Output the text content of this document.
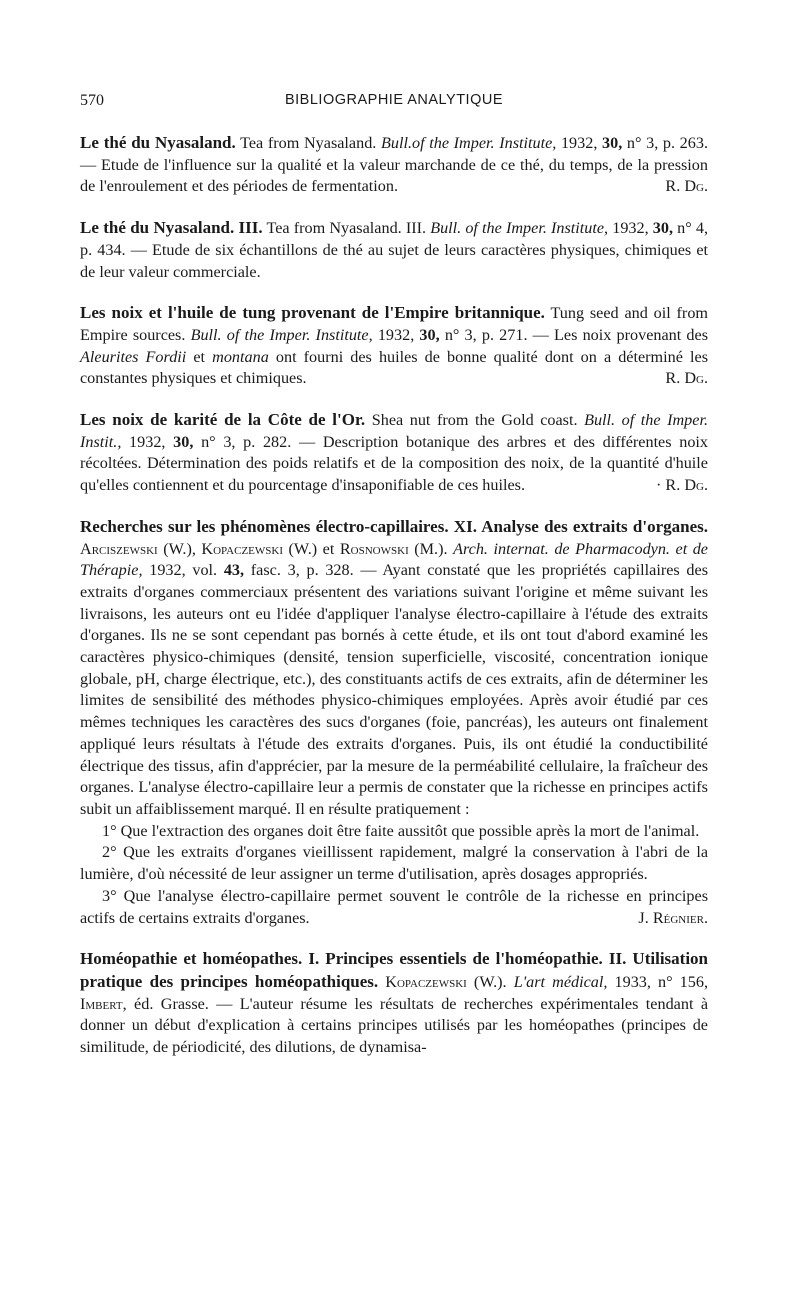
570	BIBLIOGRAPHIE ANALYTIQUE

Le thé du Nyasaland. Tea from Nyasaland. Bull.of the Imper. Institute, 1932, 30, n° 3, p. 263. — Etude de l'influence sur la qualité et la valeur marchande de ce thé, du temps, de la pression de l'enroulement et des périodes de fermentation.	R. Dg.

Le thé du Nyasaland. III. Tea from Nyasaland. III. Bull. of the Imper. Institute, 1932, 30, n° 4, p. 434. — Etude de six échantillons de thé au sujet de leurs caractères physiques, chimiques et de leur valeur commerciale.

Les noix et l'huile de tung provenant de l'Empire britannique. Tung seed and oil from Empire sources. Bull. of the Imper. Institute, 1932, 30, n° 3, p. 271. — Les noix provenant des Aleurites Fordii et montana ont fourni des huiles de bonne qualité dont on a déterminé les constantes physiques et chimiques.	R. Dg.

Les noix de karité de la Côte de l'Or. Shea nut from the Gold coast. Bull. of the Imper. Instit., 1932, 30, n° 3, p. 282. — Description botanique des arbres et des différentes noix récoltées. Détermination des poids relatifs et de la composition des noix, de la quantité d'huile qu'elles contiennent et du pourcentage d'insaponifiable de ces huiles.	· R. Dg.

Recherches sur les phénomènes électro-capillaires. XI. Analyse des extraits d'organes. Arciszewski (W.), Kopaczewski (W.) et Rosnowski (M.). Arch. internat. de Pharmacodyn. et de Thérapie, 1932, vol. 43, fasc. 3, p. 328. — Ayant constaté que les propriétés capillaires des extraits d'organes commerciaux présentent des variations suivant l'origine et même suivant les livraisons, les auteurs ont eu l'idée d'appliquer l'analyse électro-capillaire à l'étude des extraits d'organes. Ils ne se sont cependant pas bornés à cette étude, et ils ont tout d'abord examiné les caractères physico-chimiques (densité, tension superficielle, viscosité, concentration ionique globale, pH, charge électrique, etc.), des constituants actifs de ces extraits, afin de déterminer les limites de sensibilité des méthodes physico-chimiques employées. Après avoir étudié par ces mêmes techniques les caractères des sucs d'organes (foie, pancréas), les auteurs ont finalement appliqué leurs résultats à l'étude des extraits d'organes. Puis, ils ont étudié la conductibilité électrique des tissus, afin d'apprécier, par la mesure de la perméabilité cellulaire, la fraîcheur des organes. L'analyse électro-capillaire leur a permis de constater que la richesse en principes actifs subit un affaiblissement marqué. Il en résulte pratiquement :

1° Que l'extraction des organes doit être faite aussitôt que possible après la mort de l'animal.

2° Que les extraits d'organes vieillissent rapidement, malgré la conservation à l'abri de la lumière, d'où nécessité de leur assigner un terme d'utilisation, après dosages appropriés.

3° Que l'analyse électro-capillaire permet souvent le contrôle de la richesse en principes actifs de certains extraits d'organes.	J. Régnier.

Homéopathie et homéopathes. I. Principes essentiels de l'homéopathie. II. Utilisation pratique des principes homéopathiques. Kopaczewski (W.). L'art médical, 1933, n° 156, Imbert, éd. Grasse. — L'auteur résume les résultats de recherches expérimentales tendant à donner un début d'explication à certains principes utilisés par les homéopathes (principes de similitude, de périodicité, des dilutions, de dynamisa-
